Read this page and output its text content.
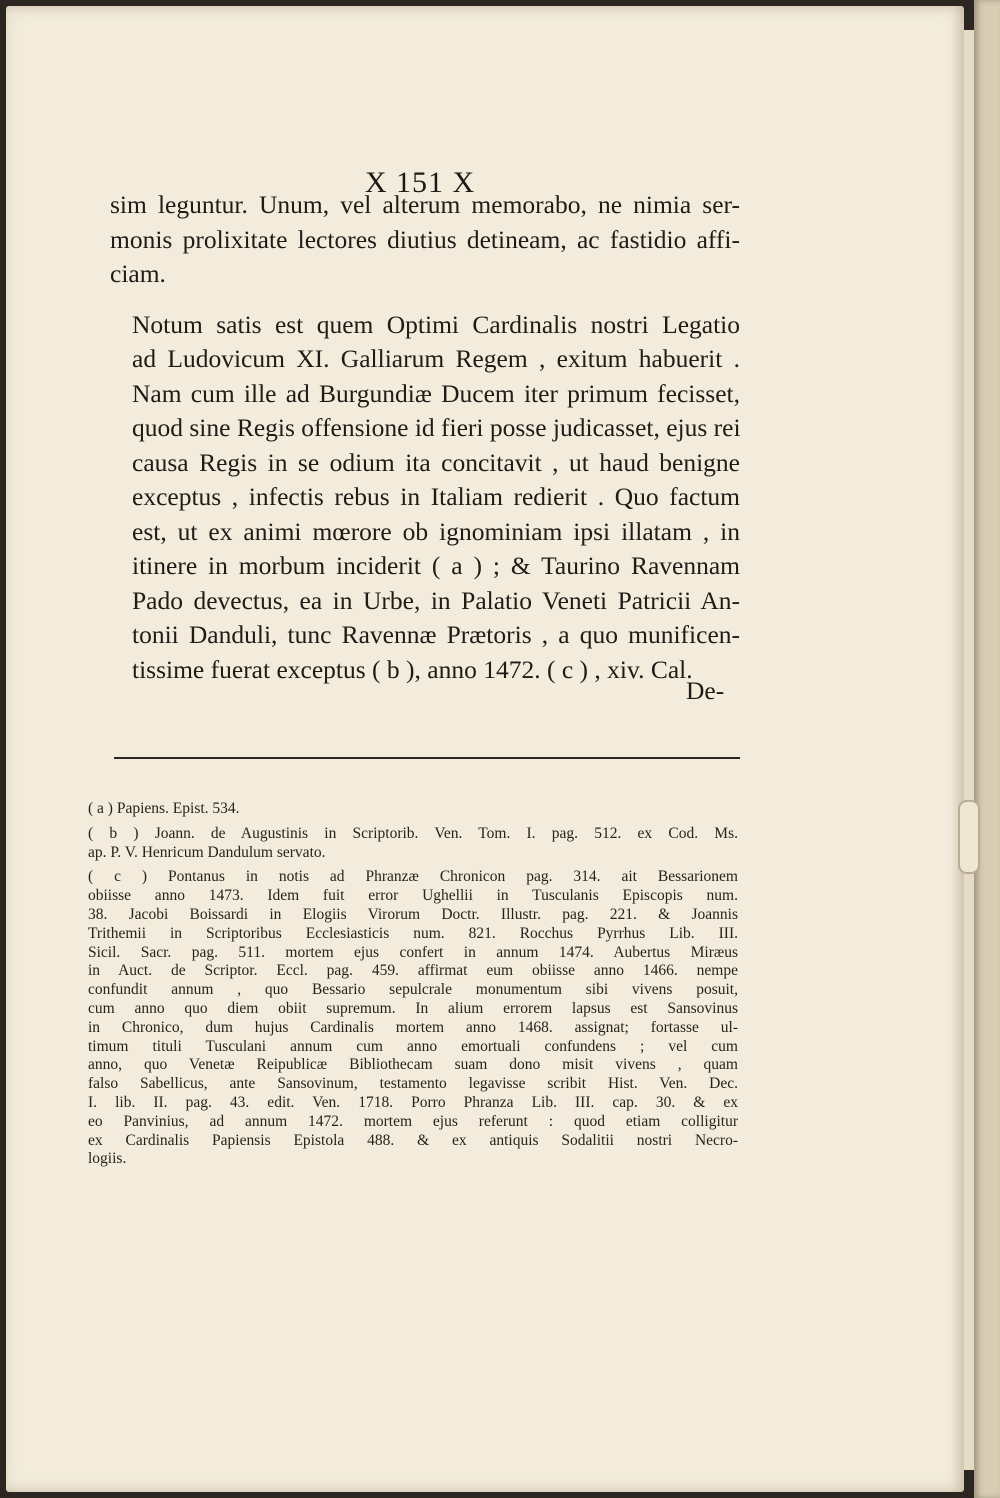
X 151 X

sim leguntur. Unum, vel alterum memorabo, ne nimia ser-
monis prolixitate lectores diutius detineam, ac fastidio affi-
ciam.

Notum satis est quem Optimi Cardinalis nostri Legatio
ad Ludovicum XI. Galliarum Regem , exitum habuerit .
Nam cum ille ad Burgundiæ Ducem iter primum fecisset,
quod sine Regis offensione id fieri posse judicasset, ejus rei
causa Regis in se odium ita concitavit , ut haud benigne
exceptus , infectis rebus in Italiam redierit . Quo factum
est, ut ex animi mœrore ob ignominiam ipsi illatam , in
itinere in morbum inciderit ( a ) ; & Taurino Ravennam
Pado devectus, ea in Urbe, in Palatio Veneti Patricii An-
tonii Danduli, tunc Ravennæ Prætoris , a quo munificen-
tissime fuerat exceptus ( b ), anno 1472. ( c ) , xiv. Cal.

De-
( a ) Papiens. Epist. 534.
( b ) Joann. de Augustinis in Scriptorib. Ven. Tom. I. pag. 512. ex Cod. Ms.
ap. P. V. Henricum Dandulum servato.
( c ) Pontanus in notis ad Phranzæ Chronicon pag. 314. ait Bessarionem
obiisse anno 1473. Idem fuit error Ughellii in Tusculanis Episcopis num.
38. Jacobi Boissardi in Elogiis Virorum Doctr. Illustr. pag. 221. & Joannis
Trithemii in Scriptoribus Ecclesiasticis num. 821. Rocchus Pyrrhus Lib. III.
Sicil. Sacr. pag. 511. mortem ejus confert in annum 1474. Aubertus Miræus
in Auct. de Scriptor. Eccl. pag. 459. affirmat eum obiisse anno 1466. nempe
confundit annum , quo Bessario sepulcrale monumentum sibi vivens posuit,
cum anno quo diem obiit supremum. In alium errorem lapsus est Sansovinus
in Chronico, dum hujus Cardinalis mortem anno 1468. assignat; fortasse ul-
timum tituli Tusculani annum cum anno emortuali confundens ; vel cum
anno, quo Venetæ Reipublicæ Bibliothecam suam dono misit vivens , quam
falso Sabellicus, ante Sansovinum, testamento legavisse scribit Hist. Ven. Dec.
I. lib. II. pag. 43. edit. Ven. 1718. Porro Phranza Lib. III. cap. 30. & ex
eo Panvinius, ad annum 1472. mortem ejus referunt : quod etiam colligitur
ex Cardinalis Papiensis Epistola 488. & ex antiquis Sodalitii nostri Necro-
logiis.
